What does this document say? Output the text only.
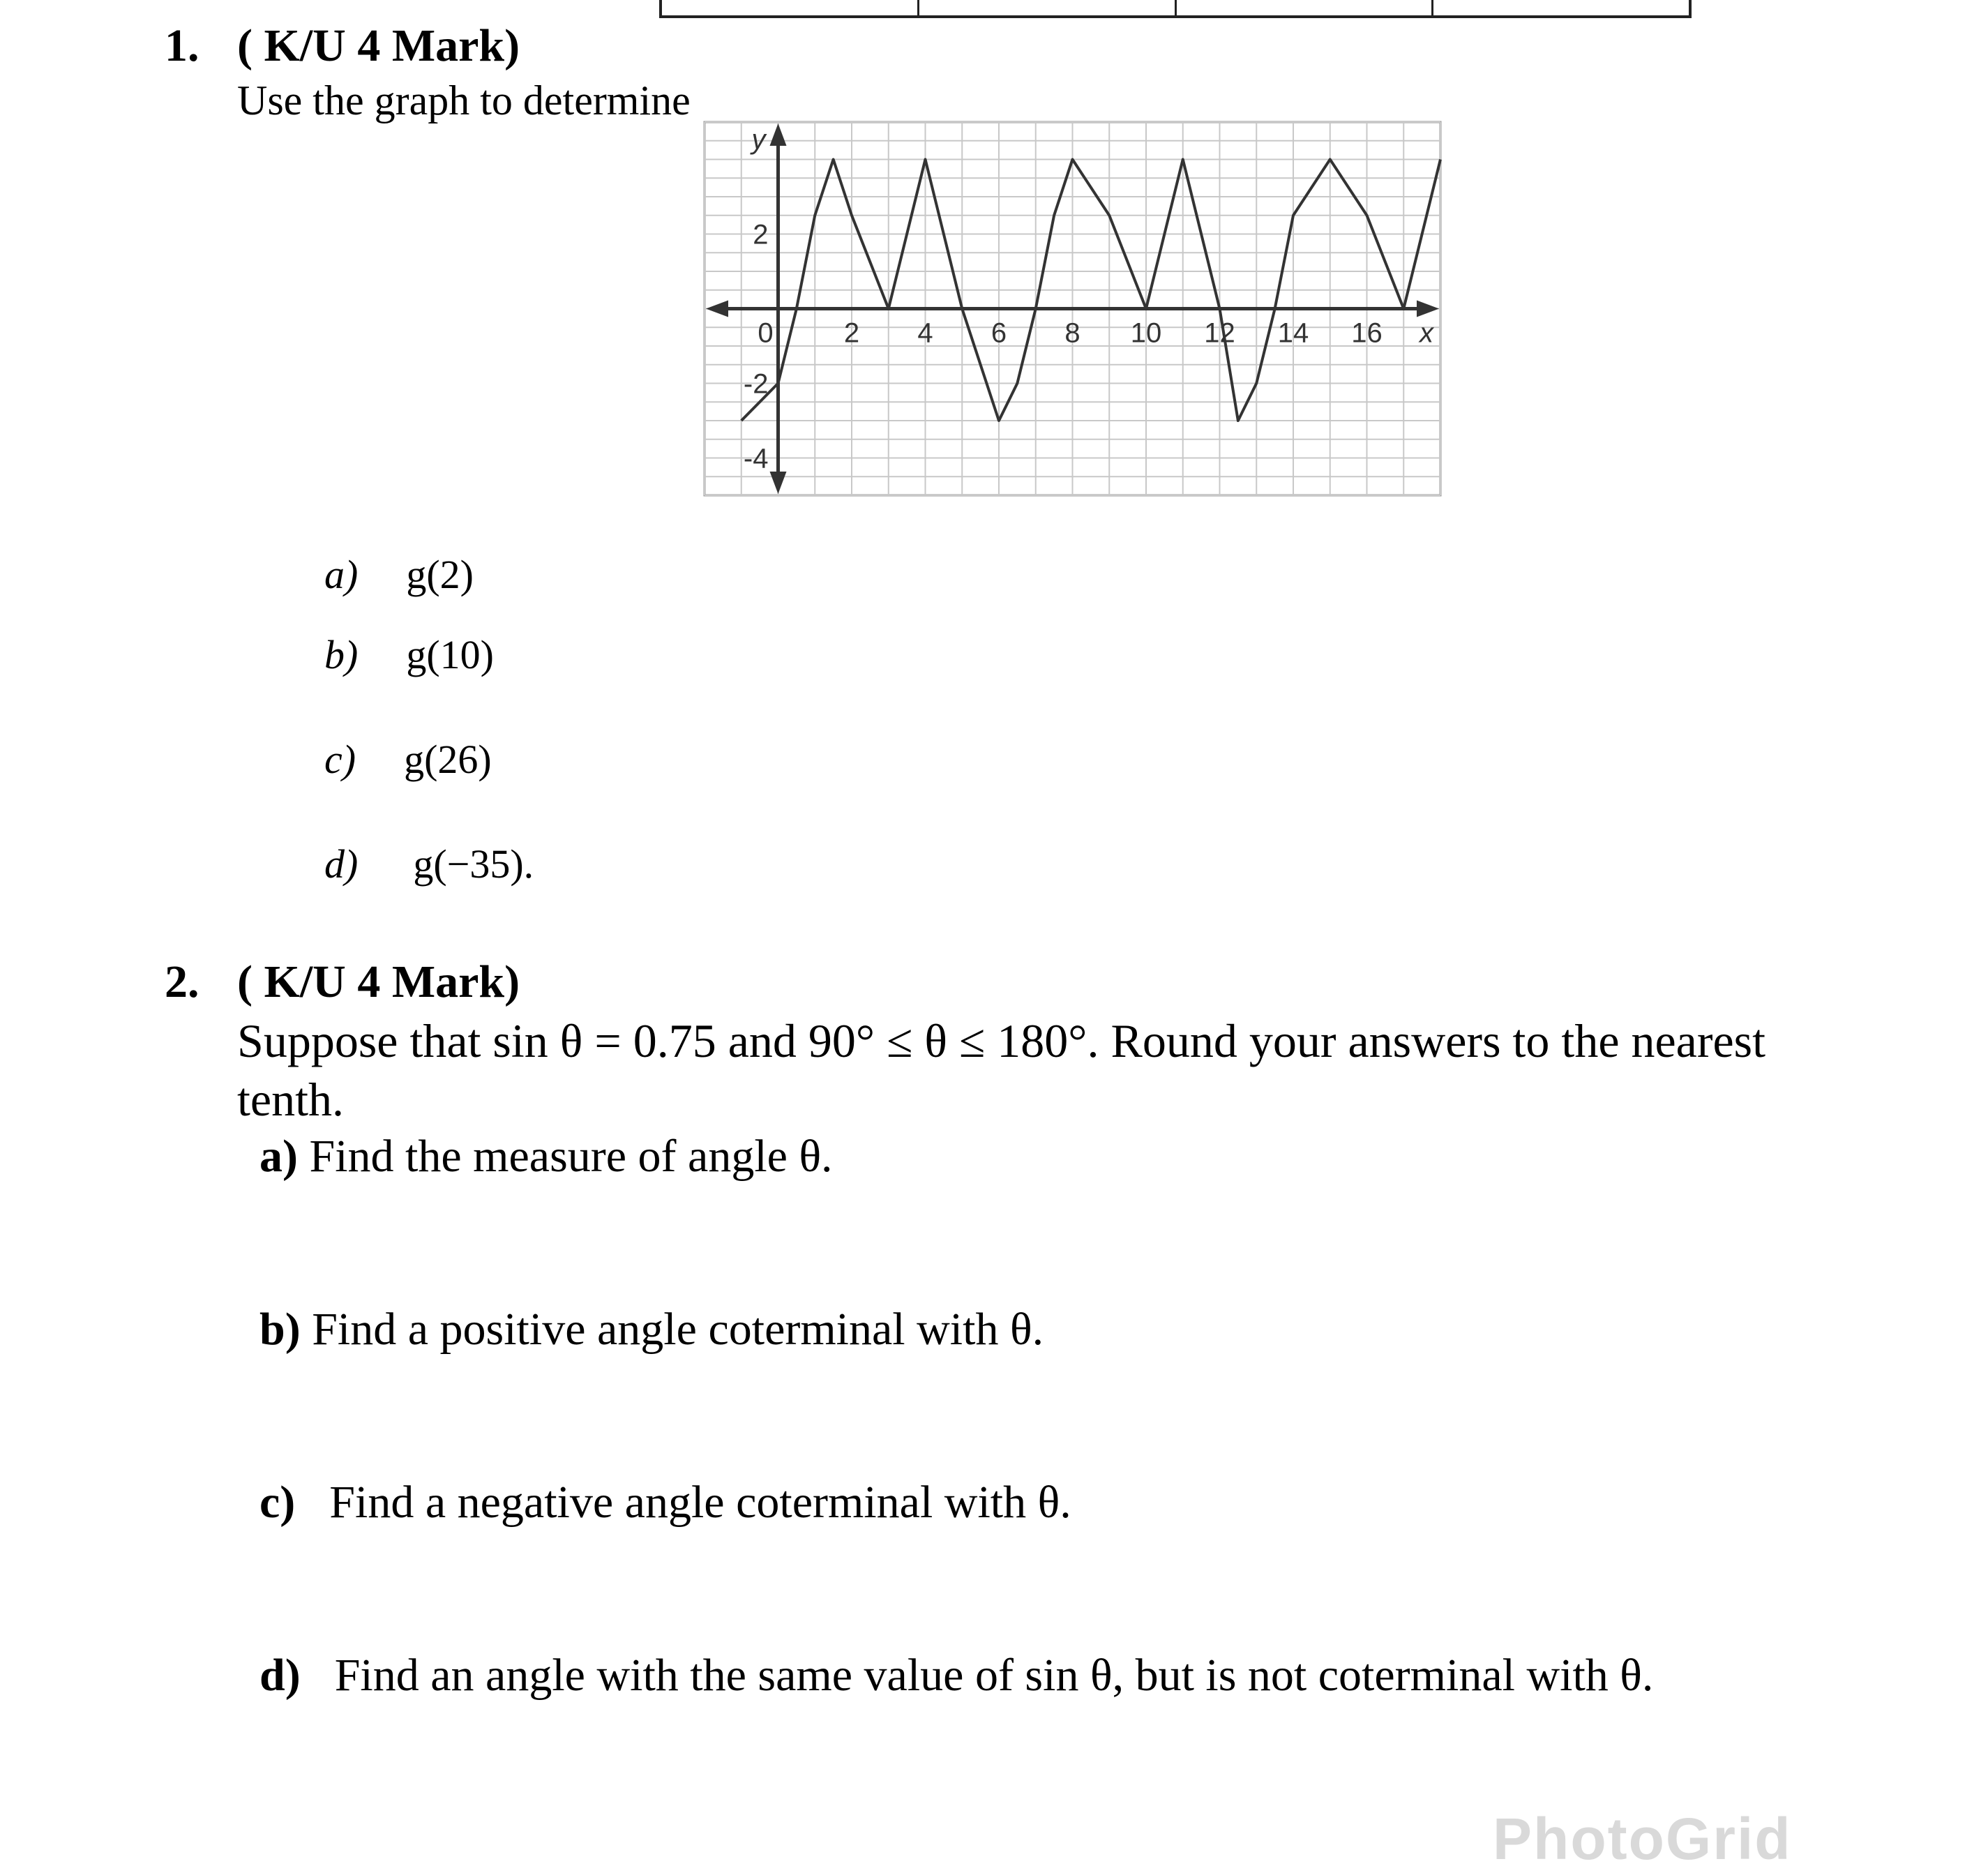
1. ( K/U 4 Mark)
Use the graph to determine
0	2 4 6 8 10 12 14 16
2
-2
-4
x
y
a) g(2)
b) g(10)
c) g(26)
d) g(−35).
2. ( K/U 4 Mark)
Suppose that sin θ = 0.75 and 90° ≤ θ ≤ 180°. Round your answers to the nearest
tenth.
a) Find the measure of angle θ.
b) Find a positive angle coterminal with θ.
c) Find a negative angle coterminal with θ.
d) Find an angle with the same value of sin θ, but is not coterminal with θ.
PhotoGrid
